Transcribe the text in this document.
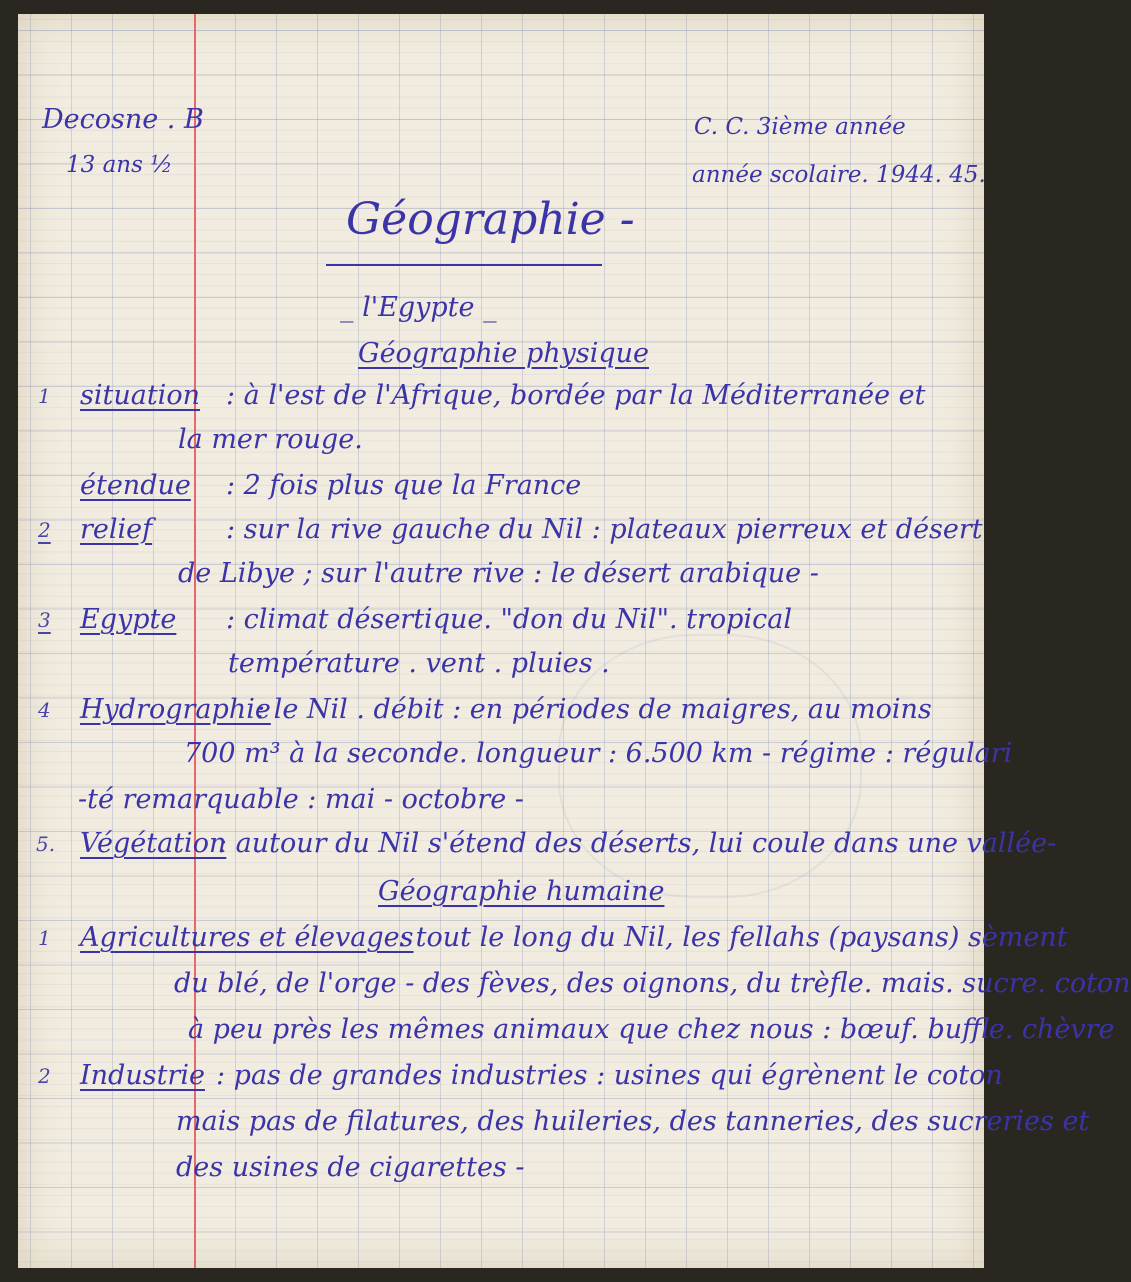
Decosne . B
13 ans ½
C. C. 3ième année
année scolaire. 1944. 45.
Géographie -
_ l'Egypte _
Géographie physique
1 situation : à l'est de l'Afrique, bordée par la Méditerranée et
la mer rouge.
étendue : 2 fois plus que la France
2 relief	: sur la rive gauche du Nil : plateaux pierreux et désert
de Libye ; sur l'autre rive : le désert arabique -
3 Egypte : climat désertique. "don du Nil". tropical
température . vent . pluies .
4 Hydrographie
: le Nil . débit : en périodes de maigres, au moins
700 m³ à la seconde. longueur : 6.500 km - régime : régulari
-té remarquable : mai - octobre -
5. Végétation
: autour du Nil s'étend des déserts, lui coule dans une vallée-
Géographie humaine
1 Agricultures et élevages
: tout le long du Nil, les fellahs (paysans) sèment
du blé, de l'orge - des fèves, des oignons, du trèfle. mais. sucre. coton
à peu près les mêmes animaux que chez nous : bœuf. buffle. chèvre
2 Industrie : pas de grandes industries : usines qui égrènent le coton
mais pas de filatures, des huileries, des tanneries, des sucreries et
des usines de cigarettes -
